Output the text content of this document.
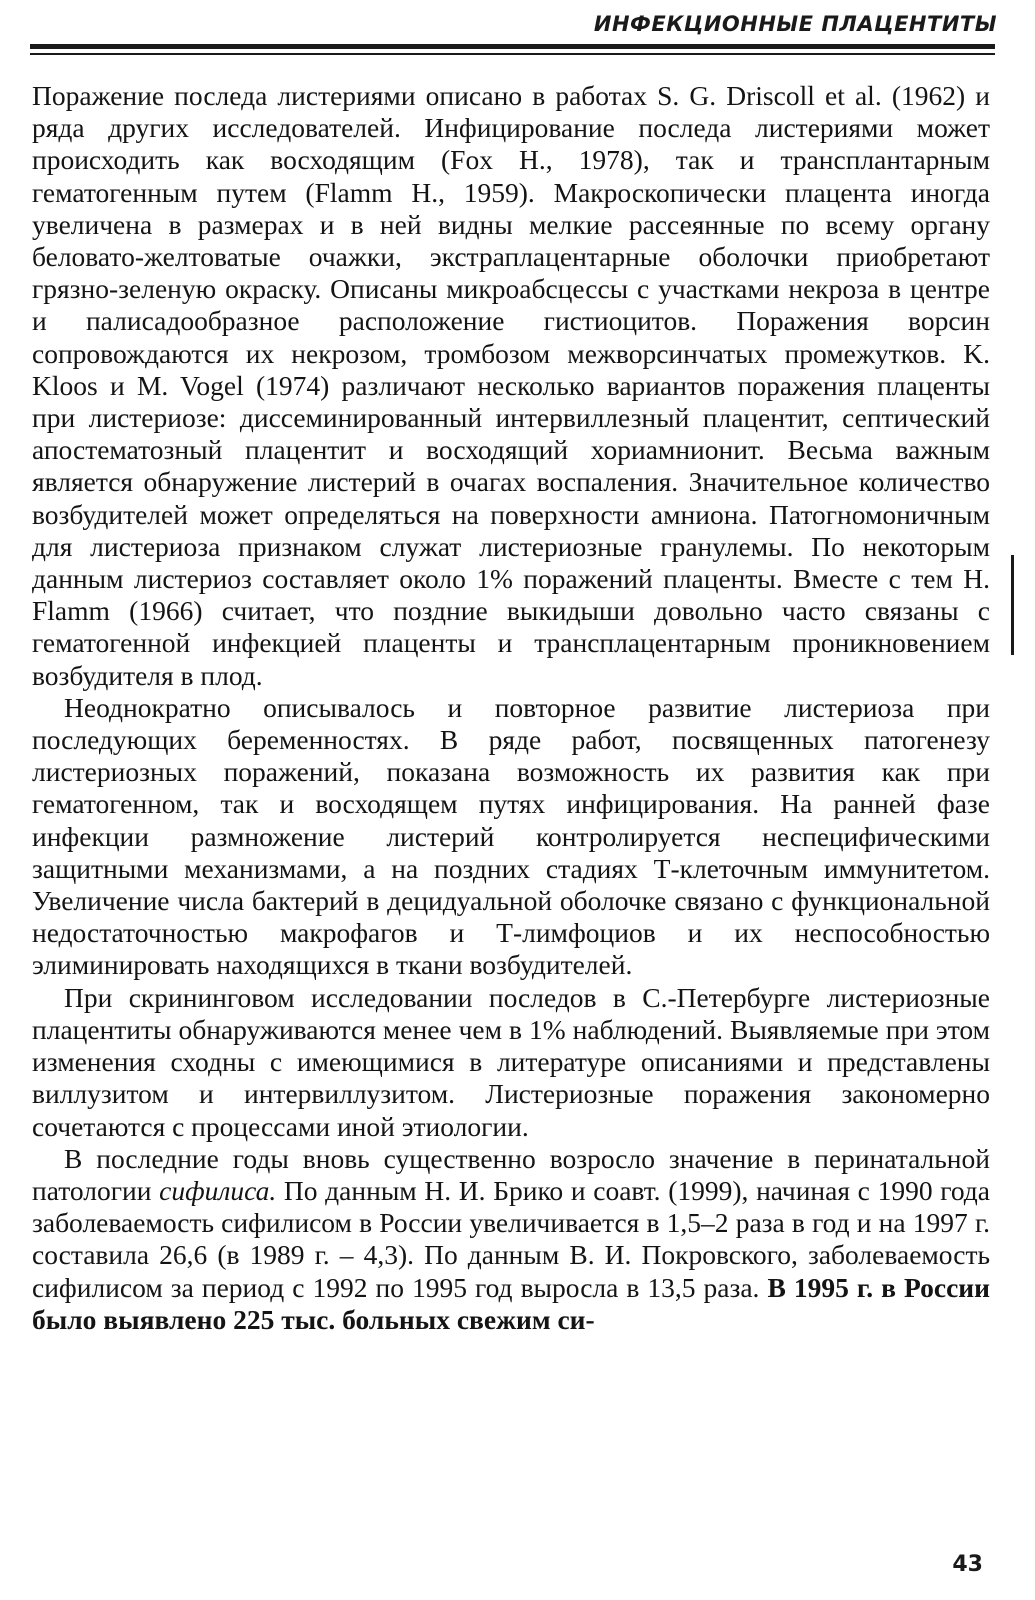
ИНФЕКЦИОННЫЕ ПЛАЦЕНТИТЫ

Поражение последа листериями описано в работах S. G. Driscoll et al. (1962) и ряда других исследователей. Инфицирование последа листериями может происходить как восходящим (Fox H., 1978), так и трансплантарным гематогенным путем (Flamm H., 1959). Макроскопически плацента иногда увеличена в размерах и в ней видны мелкие рассеянные по всему органу беловато-желтоватые очажки, экстраплацентарные оболочки приобретают грязно-зеленую окраску. Описаны микроабсцессы с участками некроза в центре и палисадообразное расположение гистиоцитов. Поражения ворсин сопровождаются их некрозом, тромбозом межворсинчатых промежутков. K. Kloos и M. Vogel (1974) различают несколько вариантов поражения плаценты при листериозе: диссеминированный интервиллезный плацентит, септический апостематозный плацентит и восходящий хориамнионит. Весьма важным является обнаружение листерий в очагах воспаления. Значительное количество возбудителей может определяться на поверхности амниона. Патогномоничным для листериоза признаком служат листериозные гранулемы. По некоторым данным листериоз составляет около 1% поражений плаценты. Вместе с тем H. Flamm (1966) считает, что поздние выкидыши довольно часто связаны с гематогенной инфекцией плаценты и трансплацентарным проникновением возбудителя в плод.

Неоднократно описывалось и повторное развитие листериоза при последующих беременностях. В ряде работ, посвященных патогенезу листериозных поражений, показана возможность их развития как при гематогенном, так и восходящем путях инфицирования. На ранней фазе инфекции размножение листерий контролируется неспецифическими защитными механизмами, а на поздних стадиях Т-клеточным иммунитетом. Увеличение числа бактерий в децидуальной оболочке связано с функциональной недостаточностью макрофагов и Т-лимфоциов и их неспособностью элиминировать находящихся в ткани возбудителей.

При скрининговом исследовании последов в С.-Петербурге листериозные плацентиты обнаруживаются менее чем в 1% наблюдений. Выявляемые при этом изменения сходны с имеющимися в литературе описаниями и представлены виллузитом и интервиллузитом. Листериозные поражения закономерно сочетаются с процессами иной этиологии.

В последние годы вновь существенно возросло значение в перинатальной патологии сифилиса. По данным Н. И. Брико и соавт. (1999), начиная с 1990 года заболеваемость сифилисом в России увеличивается в 1,5–2 раза в год и на 1997 г. составила 26,6 (в 1989 г. – 4,3). По данным В. И. Покровского, заболеваемость сифилисом за период с 1992 по 1995 год выросла в 13,5 раза. В 1995 г. в России было выявлено 225 тыс. больных свежим си-

43
